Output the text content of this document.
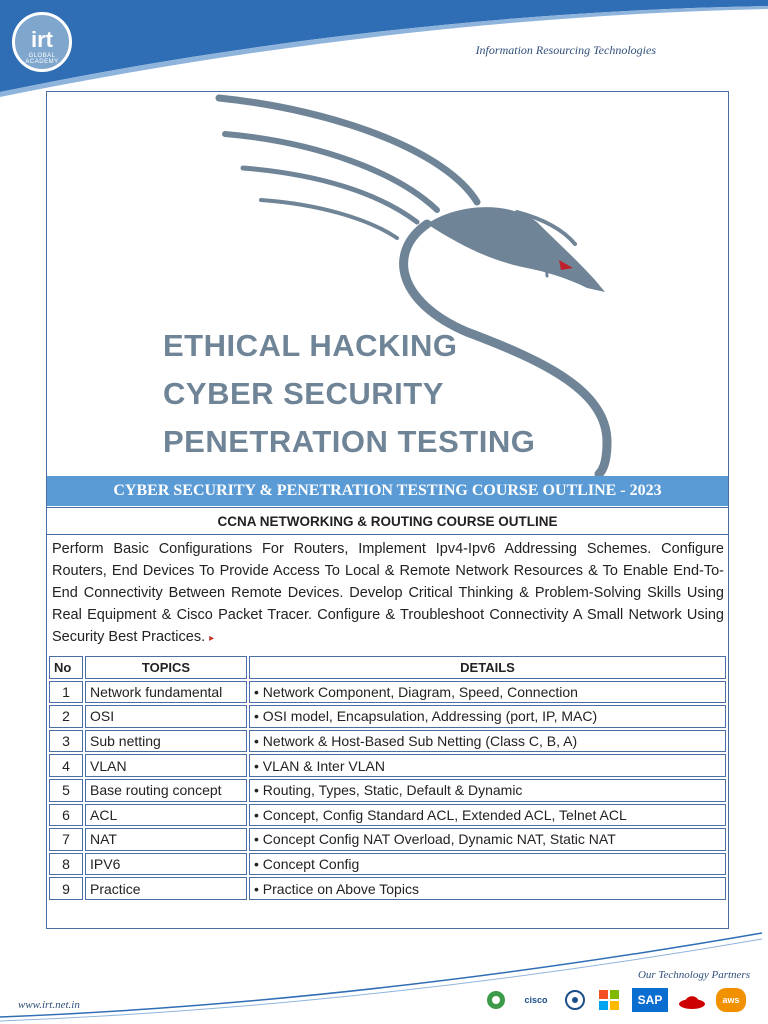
irt
GLOBAL ACADEMY
Information Resourcing Technologies
ETHICAL HACKING
CYBER SECURITY
PENETRATION TESTING
CYBER SECURITY & PENETRATION TESTING COURSE OUTLINE - 2023
CCNA NETWORKING & ROUTING COURSE OUTLINE
Perform Basic Configurations For Routers, Implement Ipv4-Ipv6 Addressing Schemes. Configure Routers, End Devices To Provide Access To Local & Remote Network Resources & To Enable End-To-End Connectivity Between Remote Devices. Develop Critical Thinking & Problem-Solving Skills Using Real Equipment & Cisco Packet Tracer. Configure & Troubleshoot Connectivity A Small Network Using Security Best Practices. ▸
No	TOPICS	DETAILS
1	Network fundamental	• Network Component, Diagram, Speed, Connection
2	OSI	• OSI model, Encapsulation, Addressing (port, IP, MAC)
3	Sub netting	• Network & Host-Based Sub Netting (Class C, B, A)
4	VLAN	• VLAN & Inter VLAN
5	Base routing concept	• Routing, Types, Static, Default & Dynamic
6	ACL	• Concept, Config Standard ACL, Extended ACL, Telnet ACL
7	NAT	• Concept Config NAT Overload, Dynamic NAT, Static NAT
8	IPV6	• Concept Config
9	Practice	• Practice on Above Topics
Our Technology Partners
www.irt.net.in	cisco	SAP	aws
